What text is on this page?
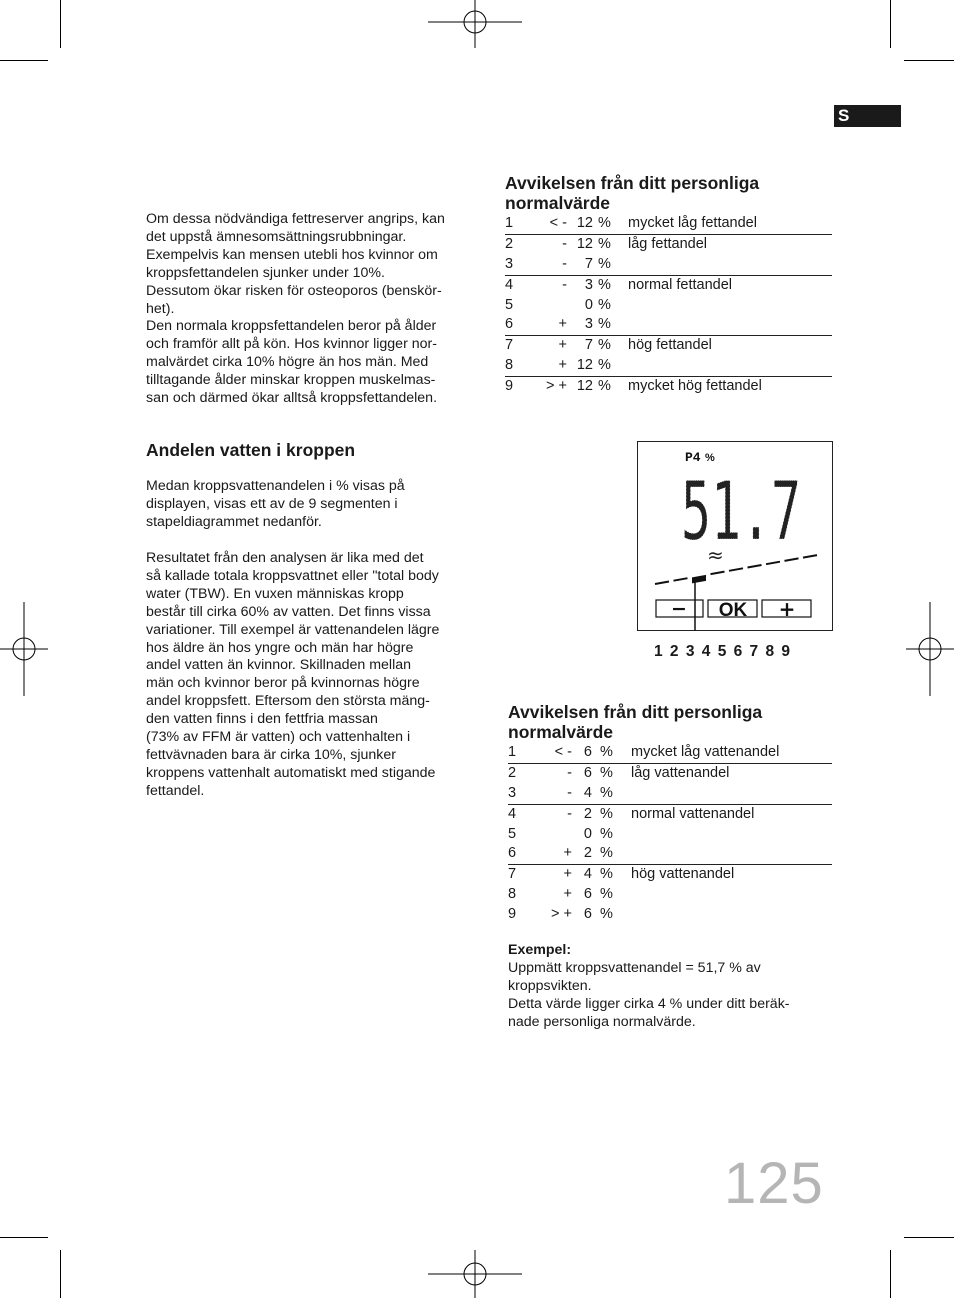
S
Om dessa nödvändiga fettreserver angrips, kan
det uppstå ämnesomsättningsrubbningar.
Exempelvis kan mensen utebli hos kvinnor om
kroppsfettandelen sjunker under 10%.
Dessutom ökar risken för osteoporos (benskör-
het).
Den normala kroppsfettandelen beror på ålder
och framför allt på kön. Hos kvinnor ligger nor-
malvärdet cirka 10% högre än hos män. Med
tilltagande ålder minskar kroppen muskelmas-
san och därmed ökar alltså kroppsfettandelen.
Andelen vatten i kroppen
Medan kroppsvattenandelen i % visas på
displayen, visas ett av de 9 segmenten i
stapeldiagrammet nedanför.
Resultatet från den analysen är lika med det
så kallade totala kroppsvattnet eller "total body
water (TBW). En vuxen människas kropp
består till cirka 60% av vatten. Det finns vissa
variationer. Till exempel är vattenandelen lägre
hos äldre än hos yngre och män har högre
andel vatten än kvinnor. Skillnaden mellan
män och kvinnor beror på kvinnornas högre
andel kroppsfett. Eftersom den största mäng-
den vatten finns i den fettfria massan
(73% av FFM är vatten) och vattenhalten i
fettvävnaden bara är cirka 10%, sjunker
kroppens vattenhalt automatiskt med stigande
fettandel.
Avvikelsen från ditt personliga
normalvärde
1	< - 12 % mycket låg fettandel
2	- 12 % låg fettandel
3	-	7 %
4	-	3 % normal fettandel
5	0 %
6	+	3 %
7	+	7 % hög fettandel
8	+ 12 %
9	> + 12 % mycket hög fettandel
P4 %
51.7
≈
− OK +
1 2 3 4 5 6 7 8 9
Avvikelsen från ditt personliga
normalvärde
1	< - 6 % mycket låg vattenandel
2	- 6 % låg vattenandel
3	- 4 %
4	- 2 % normal vattenandel
5	0 %
6	+ 2 %
7	+ 4 % hög vattenandel
8	+ 6 %
9	> + 6 %
Exempel:
Uppmätt kroppsvattenandel = 51,7 % av
kroppsvikten.
Detta värde ligger cirka 4 % under ditt beräk-
nade personliga normalvärde.
125
